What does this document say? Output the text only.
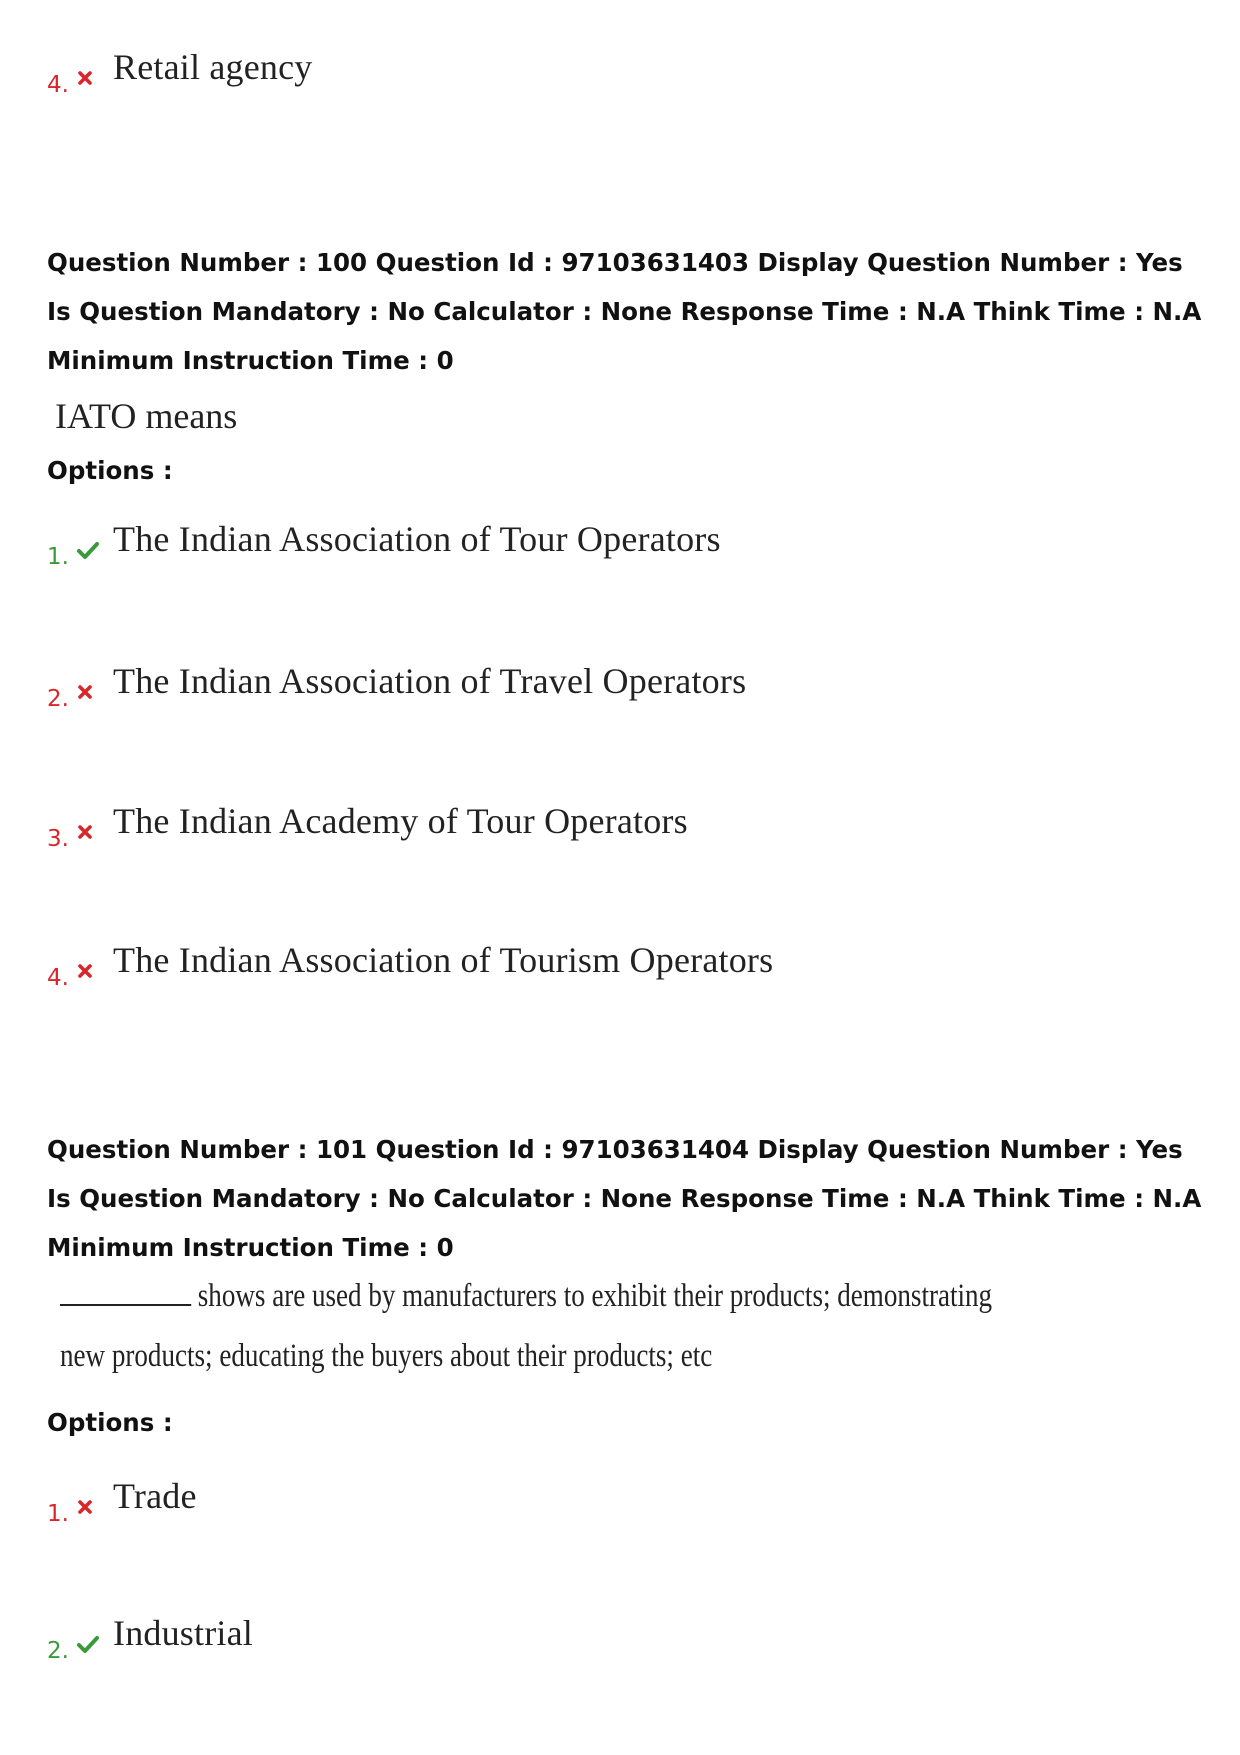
4. Retail agency
Question Number : 100 Question Id : 97103631403 Display Question Number : Yes Is Question Mandatory : No Calculator : None Response Time : N.A Think Time : N.A Minimum Instruction Time : 0
IATO means
Options :
1. The Indian Association of Tour Operators
2. The Indian Association of Travel Operators
3. The Indian Academy of Tour Operators
4. The Indian Association of Tourism Operators
Question Number : 101 Question Id : 97103631404 Display Question Number : Yes Is Question Mandatory : No Calculator : None Response Time : N.A Think Time : N.A Minimum Instruction Time : 0
shows are used by manufacturers to exhibit their products; demonstrating
new products; educating the buyers about their products; etc
Options :
1. Trade
2. Industrial
